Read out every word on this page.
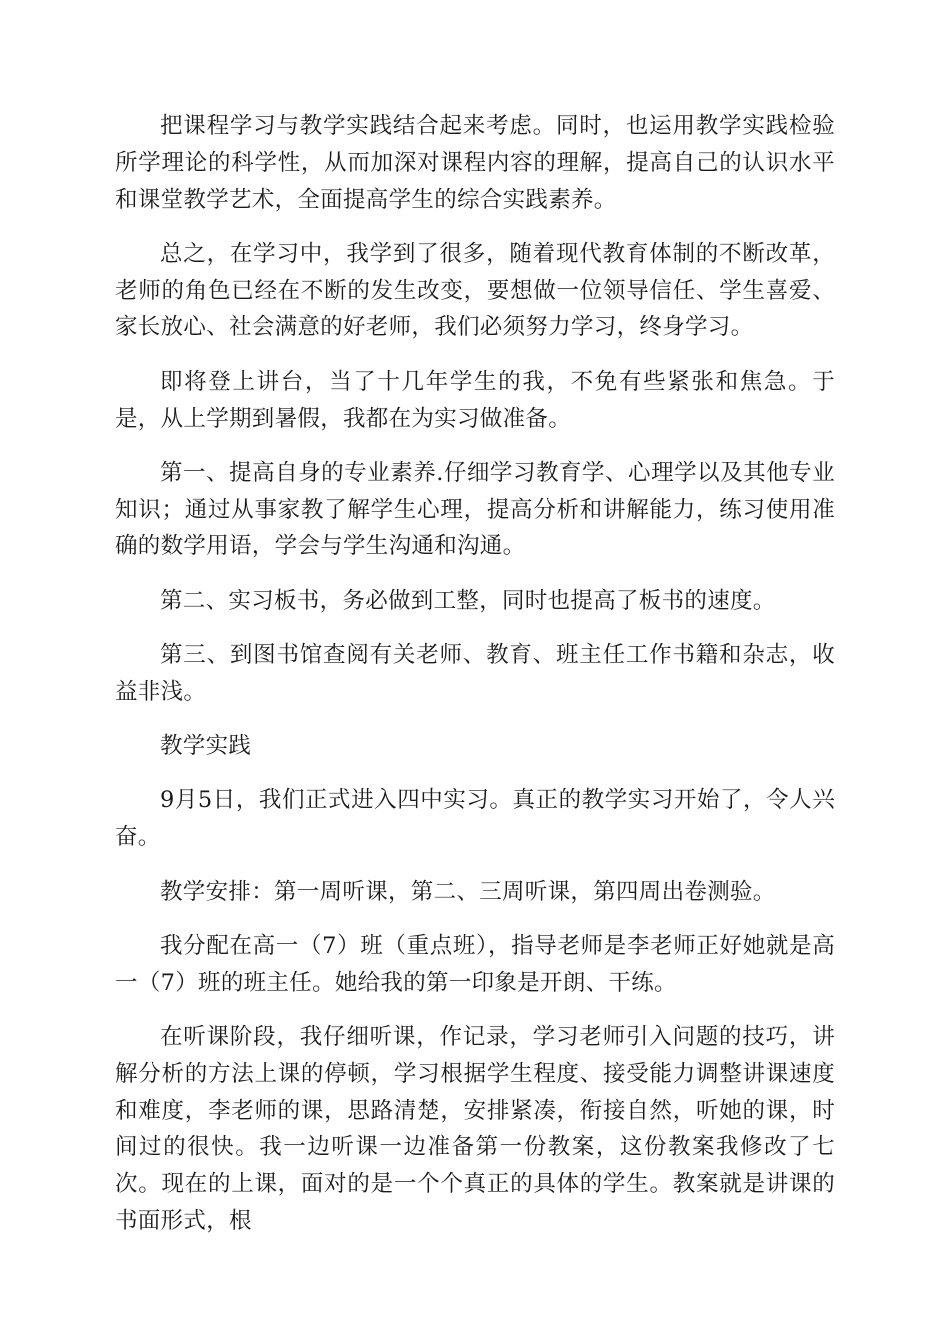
把课程学习与教学实践结合起来考虑。同时，也运用教学实践检验所学理论的科学性，从而加深对课程内容的理解，提高自己的认识水平和课堂教学艺术，全面提高学生的综合实践素养。

总之，在学习中，我学到了很多，随着现代教育体制的不断改革，老师的角色已经在不断的发生改变，要想做一位领导信任、学生喜爱、家长放心、社会满意的好老师，我们必须努力学习，终身学习。

即将登上讲台，当了十几年学生的我，不免有些紧张和焦急。于是，从上学期到暑假，我都在为实习做准备。

第一、提高自身的专业素养.仔细学习教育学、心理学以及其他专业知识；通过从事家教了解学生心理，提高分析和讲解能力，练习使用准确的数学用语，学会与学生沟通和沟通。

第二、实习板书，务必做到工整，同时也提高了板书的速度。

第三、到图书馆查阅有关老师、教育、班主任工作书籍和杂志，收益非浅。

教学实践

9月5日，我们正式进入四中实习。真正的教学实习开始了，令人兴奋。

教学安排：第一周听课，第二、三周听课，第四周出卷测验。

我分配在高一（7）班（重点班），指导老师是李老师正好她就是高一（7）班的班主任。她给我的第一印象是开朗、干练。

在听课阶段，我仔细听课，作记录，学习老师引入问题的技巧，讲解分析的方法上课的停顿，学习根据学生程度、接受能力调整讲课速度和难度，李老师的课，思路清楚，安排紧凑，衔接自然，听她的课，时间过的很快。我一边听课一边准备第一份教案，这份教案我修改了七次。现在的上课，面对的是一个个真正的具体的学生。教案就是讲课的书面形式，根
